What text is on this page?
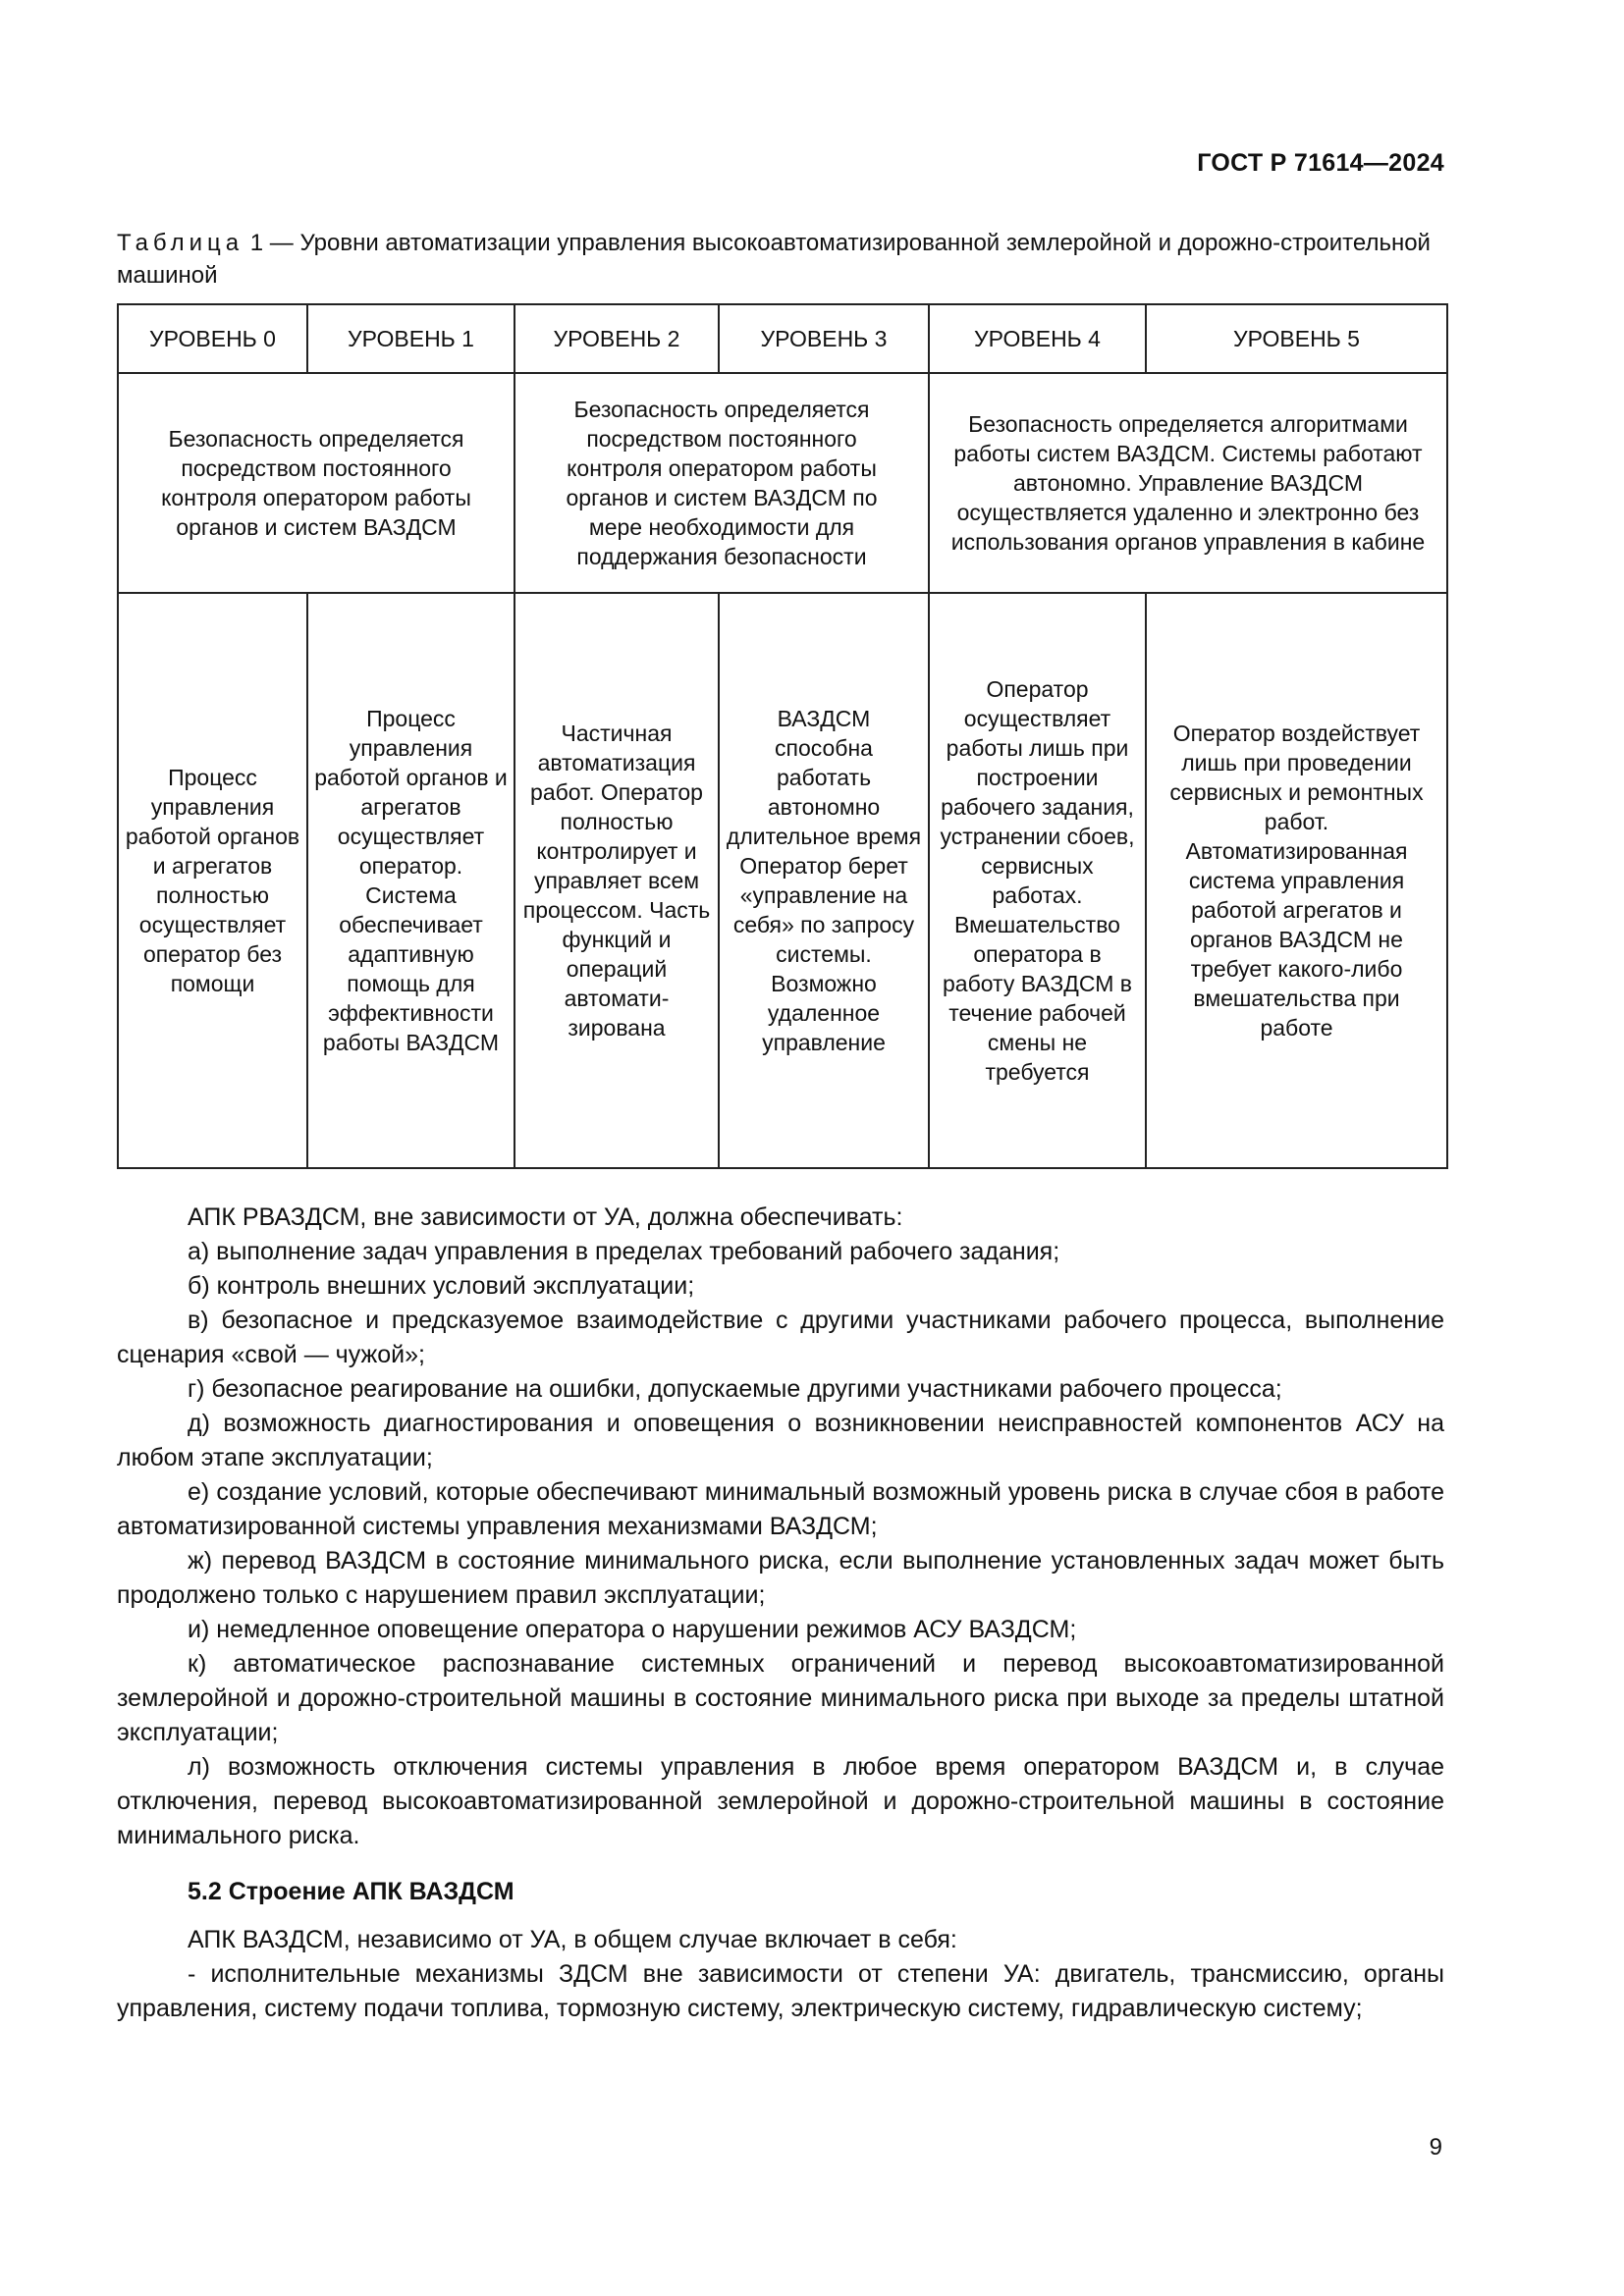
ГОСТ Р 71614—2024
Таблица 1 — Уровни автоматизации управления высокоавтоматизированной землеройной и дорожно-строительной машиной
УРОВЕНЬ 0	УРОВЕНЬ 1	УРОВЕНЬ 2	УРОВЕНЬ 3	УРОВЕНЬ 4	УРОВЕНЬ 5
Безопасность определяется посредством постоянного контроля оператором работы органов и систем ВАЗДСМ		Безопасность определяется посредством постоянного контроля оператором работы органов и систем ВАЗДСМ по мере необходимости для поддержания безопасности		Безопасность определяется алгоритмами работы систем ВАЗДСМ. Системы работают автономно. Управление ВАЗДСМ осуществляется удаленно и электронно без использования органов управления в кабине	
Процесс управления работой органов и агрегатов полностью осуществляет оператор без помощи	Процесс управления работой органов и агрегатов осуществляет оператор. Система обеспечивает адаптивную помощь для эффективности работы ВАЗДСМ	Частичная автоматизация работ. Оператор полностью контролирует и управляет всем процессом. Часть функций и операций автомати-зирована	ВАЗДСМ способна работать автономно длительное время Оператор берет «управление на себя» по запросу системы. Возможно удаленное управление	Оператор осуществляет работы лишь при построении рабочего задания, устранении сбоев, сервисных работах. Вмешательство оператора в работу ВАЗДСМ в течение рабочей смены не требуется	Оператор воздействует лишь при проведении сервисных и ремонтных работ. Автоматизированная система управления работой агрегатов и органов ВАЗДСМ не требует какого-либо вмешательства при работе

АПК РВАЗДСМ, вне зависимости от УА, должна обеспечивать:

а) выполнение задач управления в пределах требований рабочего задания;

б) контроль внешних условий эксплуатации;

в) безопасное и предсказуемое взаимодействие с другими участниками рабочего процесса, выполнение сценария «свой — чужой»;

г) безопасное реагирование на ошибки, допускаемые другими участниками рабочего процесса;

д) возможность диагностирования и оповещения о возникновении неисправностей компонентов АСУ на любом этапе эксплуатации;

е) создание условий, которые обеспечивают минимальный возможный уровень риска в случае сбоя в работе автоматизированной системы управления механизмами ВАЗДСМ;

ж) перевод ВАЗДСМ в состояние минимального риска, если выполнение установленных задач может быть продолжено только с нарушением правил эксплуатации;

и) немедленное оповещение оператора о нарушении режимов АСУ ВАЗДСМ;

к) автоматическое распознавание системных ограничений и перевод высокоавтоматизированной землеройной и дорожно-строительной машины в состояние минимального риска при выходе за пределы штатной эксплуатации;

л) возможность отключения системы управления в любое время оператором ВАЗДСМ и, в случае отключения, перевод высокоавтоматизированной землеройной и дорожно-строительной машины в состояние минимального риска.

5.2 Строение АПК ВАЗДСМ

АПК ВАЗДСМ, независимо от УА, в общем случае включает в себя:

- исполнительные механизмы ЗДСМ вне зависимости от степени УА: двигатель, трансмиссию, органы управления, систему подачи топлива, тормозную систему, электрическую систему, гидравлическую систему;

9
